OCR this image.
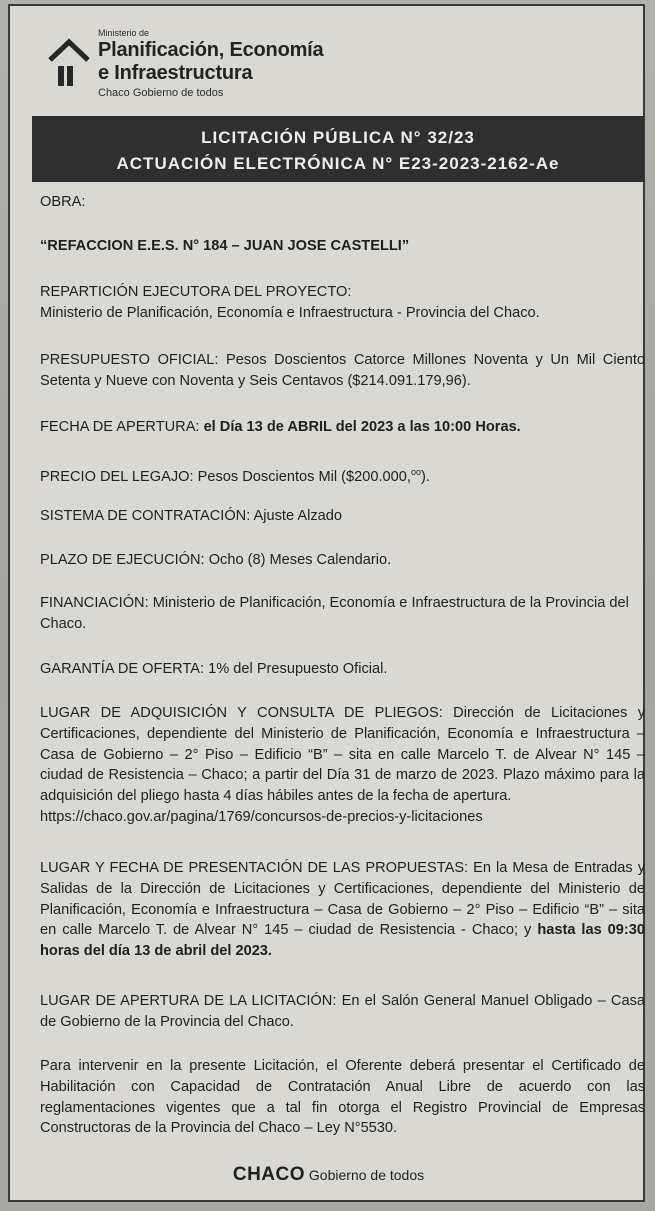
Ministerio de
Planificación, Economía
e Infraestructura
Chaco Gobierno de todos
LICITACIÓN PÚBLICA N° 32/23
ACTUACIÓN ELECTRÓNICA N° E23-2023-2162-Ae

OBRA:

“REFACCION E.E.S. N° 184 – JUAN JOSE CASTELLI”

REPARTICIÓN EJECUTORA DEL PROYECTO:

Ministerio de Planificación, Economía e Infraestructura - Provincia del Chaco.

PRESUPUESTO OFICIAL: Pesos Doscientos Catorce Millones Noventa y Un Mil Ciento Setenta y Nueve con Noventa y Seis Centavos ($214.091.179,96).

FECHA DE APERTURA: el Día 13 de ABRIL del 2023 a las 10:00 Horas.

PRECIO DEL LEGAJO: Pesos Doscientos Mil ($200.000,$^{oo}$).

SISTEMA DE CONTRATACIÓN: Ajuste Alzado

PLAZO DE EJECUCIÓN: Ocho (8) Meses Calendario.

FINANCIACIÓN: Ministerio de Planificación, Economía e Infraestructura de la Provincia del Chaco.

GARANTÍA DE OFERTA: 1% del Presupuesto Oficial.

LUGAR DE ADQUISICIÓN Y CONSULTA DE PLIEGOS: Dirección de Licitaciones y Certificaciones, dependiente del Ministerio de Planificación, Economía e Infraestructura – Casa de Gobierno – 2° Piso – Edificio “B” – sita en calle Marcelo T. de Alvear N° 145 – ciudad de Resistencia – Chaco; a partir del Día 31 de marzo de 2023. Plazo máximo para la adquisición del pliego hasta 4 días hábiles antes de la fecha de apertura.

https://chaco.gov.ar/pagina/1769/concursos-de-precios-y-licitaciones

LUGAR Y FECHA DE PRESENTACIÓN DE LAS PROPUESTAS: En la Mesa de Entradas y Salidas de la Dirección de Licitaciones y Certificaciones, dependiente del Ministerio de Planificación, Economía e Infraestructura – Casa de Gobierno – 2° Piso – Edificio “B” – sita en calle Marcelo T. de Alvear N° 145 – ciudad de Resistencia - Chaco; y hasta las 09:30 horas del día 13 de abril del 2023.

LUGAR DE APERTURA DE LA LICITACIÓN: En el Salón General Manuel Obligado – Casa de Gobierno de la Provincia del Chaco.

Para intervenir en la presente Licitación, el Oferente deberá presentar el Certificado de Habilitación con Capacidad de Contratación Anual Libre de acuerdo con las reglamentaciones vigentes que a tal fin otorga el Registro Provincial de Empresas Constructoras de la Provincia del Chaco – Ley N°5530.

CHACO Gobierno de todos
